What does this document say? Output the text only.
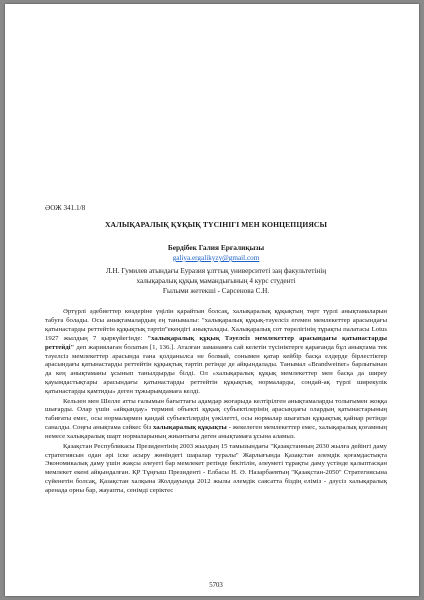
ӘОЖ 341.1/8
ХАЛЫҚАРАЛЫҚ ҚҰҚЫҚ ТҮСІНІГІ МЕН КОНЦЕПЦИЯСЫ
Бердібек Галия Ерғалиқызы
galiya.ergalikyzy@gmail.com
Л.Н. Гумилев атындағы Еуразия ұлттық университеті заң факультетінің
халықаралық құқық мамандығының 4 курс студенті
Ғылыми жетекші - Сарсенова С.Н.

Әртүрлі әдебиеттер көздеріне үңілін қарайтын болсақ, халықаралық құқықтың төрт түрлі анықтамаларын табуға болады. Осы анықтамалардың ең танымалы: "халықаралық құқық-тәуелсіз егемен мемлекеттер арасындағы қатынастарды реттейтін құқықтық тәртіп"екендігі анықталады. Халықаралық сот төрелігінің тұрақты палатасы Lotus 1927 жылдың 7 қыркүйегінде: "халықаралық құқық Тәуелсіз мемлекеттер арасындағы қатынастарды реттейді" деп жариялаған болатын [1, 136.]. Аталған заманамға сай келетін түсініктерге қарағанда бұл анықтама тек тәуелсіз мемлекеттер арасында ғана қолданылса не болмай, сонымен қатар кейбір басқа елдерде бірлестіктер арасындағы қатынастарды реттейтін құқықтық тәртіп ретінде де айқындалады. Танымал «Brandweiner» барлығынан да кең анықтаманы ұсынып танылдырды білді. Ол «халықаралық құқық мемлекеттер мен басқа да ширеу қауымдастықтары арасындағы қатынастарды реттейтін құқықтық нормаларды, сондай-ақ түрлі ширекулік қатынастарды қамтиды» деген тұжырымдамаға келді.

Кельзен мен Шелле атты ғалымын бағыттағы адамдар жоғарыда келтірілген анықтамаларды толығымен жоққа шығарды. Олар үшін «айқындау» термині объекті құқық субъектілерінің арасындағы олардың қатынастарының табиғаты емес, осы нормалармен қандай субъектілердің үәкілетті, осы нормалар шығатын құқықтық қайнар ретінде саналды. Соңғы анықтама сәйкес біз халықаралық құқықты - жекелеген мемлекеттер емес, халықаралық қоғамның немесе халықаралық шарт нормаларының жиынтығы деген анықтамаға ұсына аламыз.

Қазақстан Республикасы Президентінің 2003 жылдың 15 тамызындағы "Қазақстанның 2030 жылға дейінгі даму стратегиясын одан әрі іске асыру жөніндегі шаралар туралы" Жарлығында Қазақстан әлемдік қоғамдастықта Экономикалық даму үшін жақсы әлеуеті бар мемлекет ретінде бекітілін, әлеуметі тұрақты даму үстінде қалыптасқан мемлекет екені айқындалған. ҚР Тұңғыш Президенті - Елбасы Н. Ә. Назарбаевтың "Қазақстан-2050" Стратегиясына сүйенетін болсақ, Қазақстан халқына Жолдауында 2012 жылы әлемдік саясатта біздің еліміз - дәусіз халықаралық аренада орны бар, жауапты, сенімді серіктес

5703
